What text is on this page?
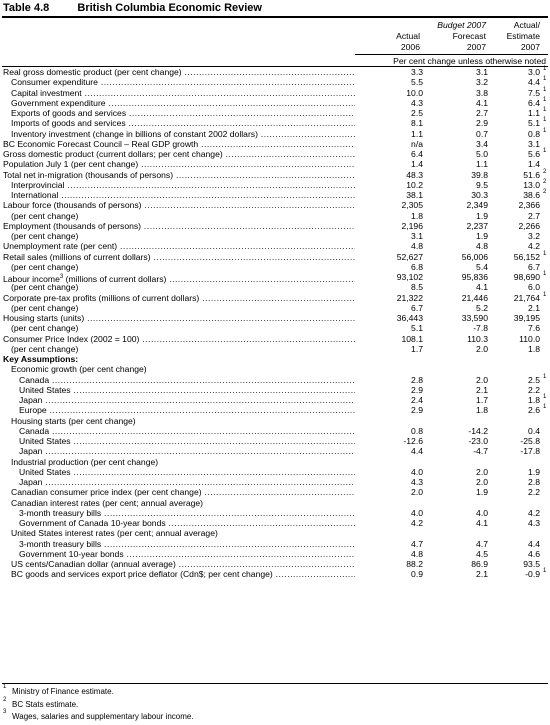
Table 4.8	British Columbia Economic Review

Actual
2006
Budget 2007
Forecast
2007
Actual/
Estimate
2007
Per cent change unless otherwise noted
Real gross domestic product (per cent change) .....	3.3	3.1	3.0 1
Consumer expenditure .....	5.5	3.2	4.4 1
Capital investment .....	10.0	3.8	7.5 1
Government expenditure .....	4.3	4.1	6.4 1
Exports of goods and services .....	2.5	2.7	1.1 1
Imports of goods and services .....	8.1	2.9	5.1 1
Inventory investment (change in billions of constant 2002 dollars) .....	1.1	0.7	0.8 1
BC Economic Forecast Council – Real GDP growth .....	n/a	3.4	3.1
Gross domestic product (current dollars; per cent change) .....	6.4	5.0	5.6 1
Population July 1 (per cent change) .....	1.4	1.1	1.4
Total net in-migration (thousands of persons) .....	48.3	39.8	51.6 2
Interprovincial .....	10.2	9.5	13.0 2
International .....	38.1	30.3	38.6 2
Labour force (thousands of persons) .....	2,305	2,349	2,366
(per cent change)	1.8	1.9	2.7
Employment (thousands of persons) .....	2,196	2,237	2,266
(per cent change)	3.1	1.9	3.2
Unemployment rate (per cent) .....	4.8	4.8	4.2
Retail sales (millions of current dollars) .....	52,627	56,006	56,152 1
(per cent change)	6.8	5.4	6.7
Labour income$^3$ (millions of current dollars) .....	93,102	95,836	98,690 1
(per cent change)	8.5	4.1	6.0
Corporate pre-tax profits (millions of current dollars) .....	21,322	21,446	21,764 1
(per cent change)	6.7	5.2	2.1
Housing starts (units) .....	36,443	33,590	39,195
(per cent change)	5.1	-7.8	7.6
Consumer Price Index (2002 = 100) .....	108.1	110.3	110.0
(per cent change)	1.7	2.0	1.8
Key Assumptions:
Economic growth (per cent change)
Canada .....	2.8	2.0	2.5 1
United States .....	2.9	2.1	2.2
Japan .....	2.4	1.7	1.8 1
Europe .....	2.9	1.8	2.6 1
Housing starts (per cent change)
Canada .....	0.8	-14.2	0.4
United States .....	-12.6	-23.0	-25.8
Japan .....	4.4	-4.7	-17.8
Industrial production (per cent change)
United States .....	4.0	2.0	1.9
Japan .....	4.3	2.0	2.8
Canadian consumer price index (per cent change) .....	2.0	1.9	2.2
Canadian interest rates (per cent; annual average)
3-month treasury bills .....	4.0	4.0	4.2
Government of Canada 10-year bonds .....	4.2	4.1	4.3
United States interest rates (per cent; annual average)
3-month treasury bills .....	4.7	4.7	4.4
Government 10-year bonds .....	4.8	4.5	4.6
US cents/Canadian dollar (annual average) .....	88.2	86.9	93.5
BC goods and services export price deflator (Cdn$; per cent change) .....	0.9	2.1	-0.9 1
1 Ministry of Finance estimate.
2 BC Stats estimate.
3 Wages, salaries and supplementary labour income.
